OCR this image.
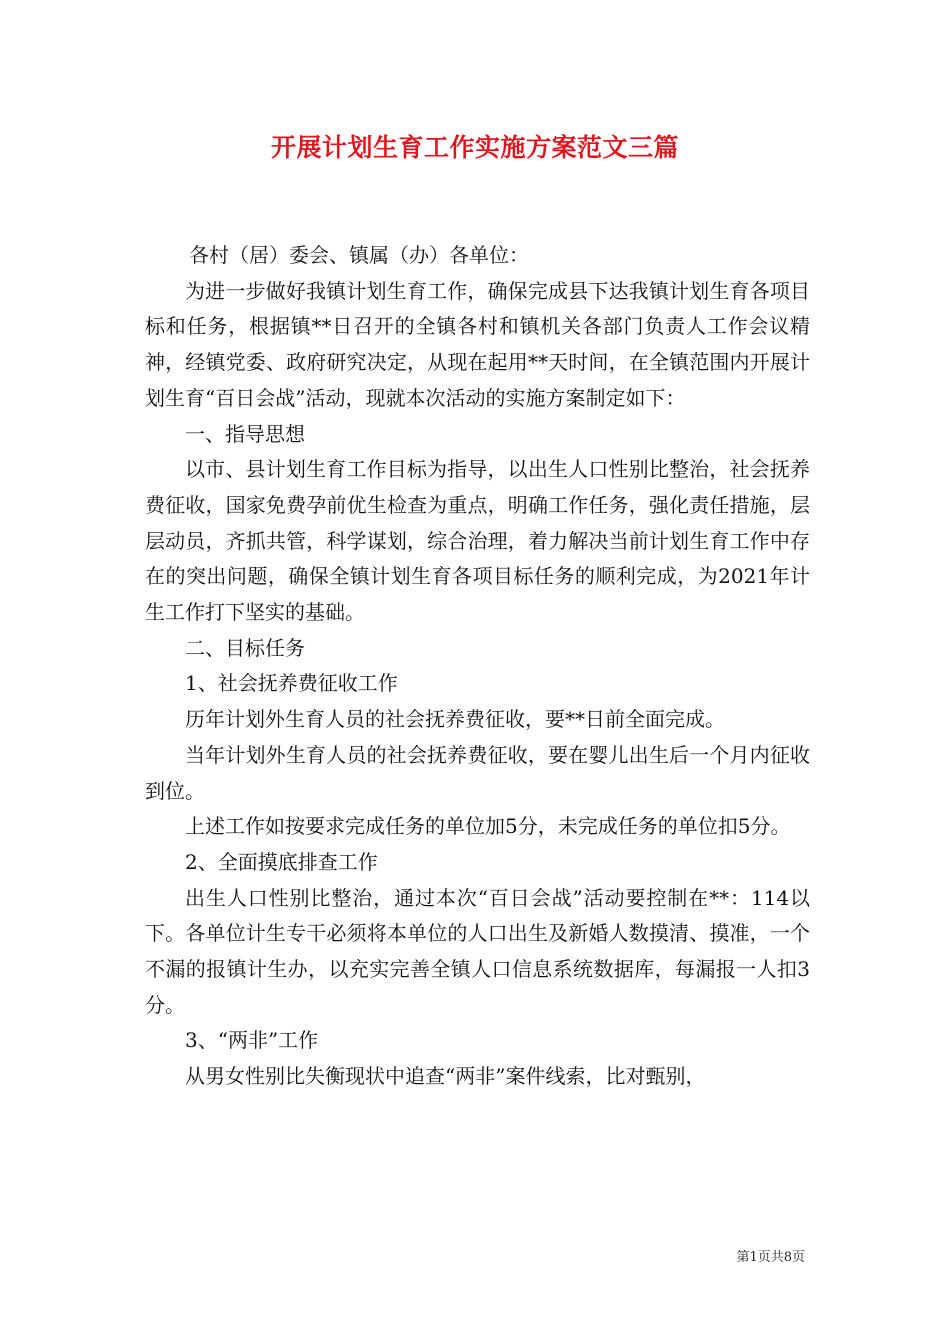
开展计划生育工作实施方案范文三篇

各村（居）委会、镇属（办）各单位：

为进一步做好我镇计划生育工作，确保完成县下达我镇计划生育各项目标和任务，根据镇**日召开的全镇各村和镇机关各部门负责人工作会议精神，经镇党委、政府研究决定，从现在起用**天时间，在全镇范围内开展计划生育“百日会战”活动，现就本次活动的实施方案制定如下：

一、指导思想

以市、县计划生育工作目标为指导，以出生人口性别比整治，社会抚养费征收，国家免费孕前优生检查为重点，明确工作任务，强化责任措施，层层动员，齐抓共管，科学谋划，综合治理，着力解决当前计划生育工作中存在的突出问题，确保全镇计划生育各项目标任务的顺利完成，为2021年计生工作打下坚实的基础。

二、目标任务

1、社会抚养费征收工作

历年计划外生育人员的社会抚养费征收，要**日前全面完成。

当年计划外生育人员的社会抚养费征收，要在婴儿出生后一个月内征收到位。

上述工作如按要求完成任务的单位加5分，未完成任务的单位扣5分。

2、全面摸底排查工作

出生人口性别比整治，通过本次“百日会战”活动要控制在**：114以下。各单位计生专干必须将本单位的人口出生及新婚人数摸清、摸准，一个不漏的报镇计生办，以充实完善全镇人口信息系统数据库，每漏报一人扣3分。

3、“两非”工作

从男女性别比失衡现状中追查“两非”案件线索，比对甄别，

第1页共8页
